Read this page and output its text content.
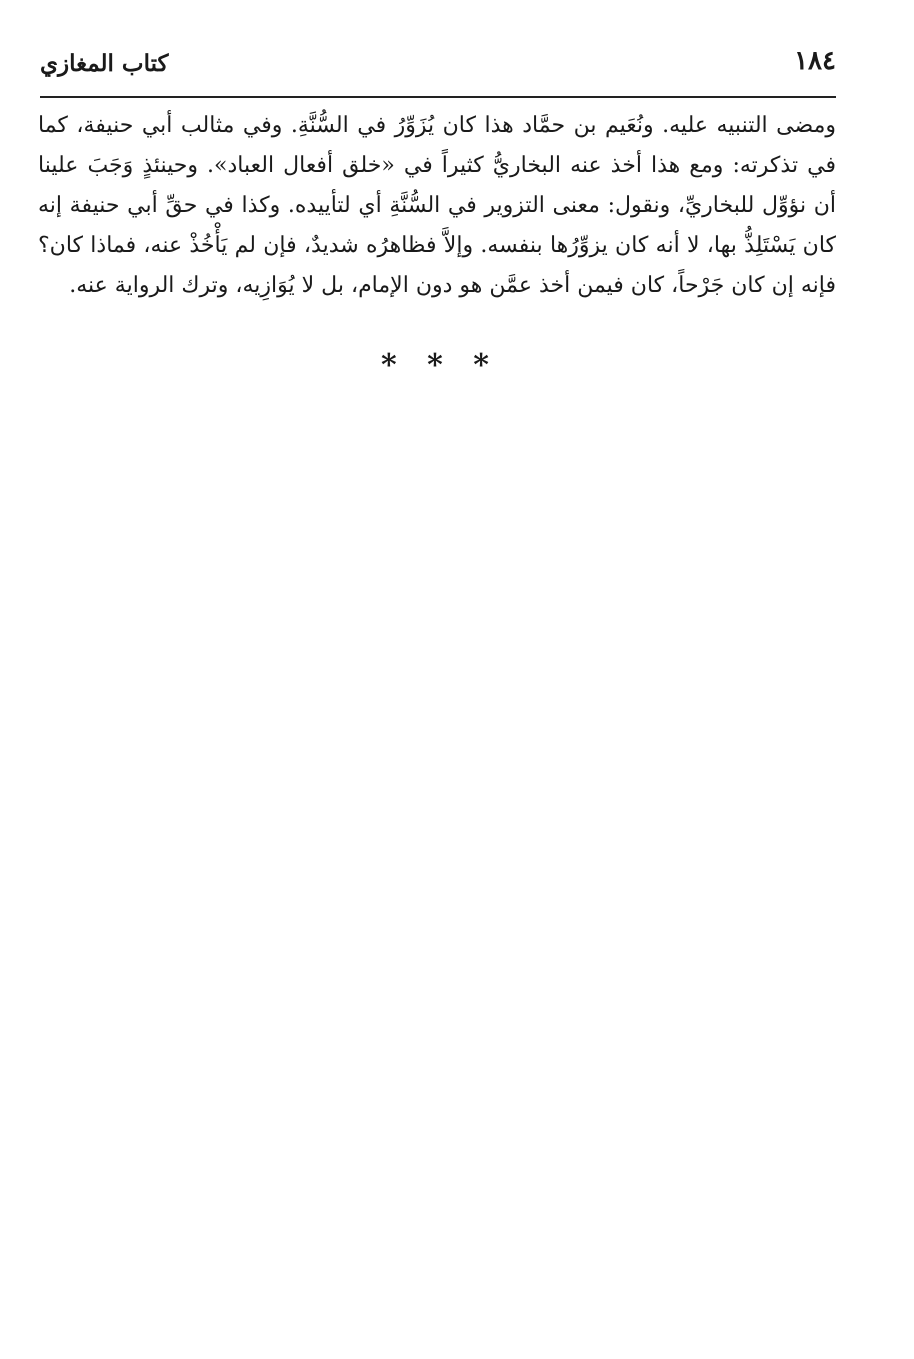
١٨٤
كتاب المغازي

ومضى التنبيه عليه. ونُعَيم بن حمَّاد هذا كان يُزَوِّرُ في السُّنَّةِ. وفي مثالب أبي حنيفة، كما في تذكرته: ومع هذا أخذ عنه البخاريُّ كثيراً في «خلق أفعال العباد». وحينئذٍ وَجَبَ علينا أن نؤوِّل للبخاريِّ، ونقول: معنى التزوير في السُّنَّةِ أي لتأييده. وكذا في حقِّ أبي حنيفة إنه كان يَسْتَلِذُّ بها، لا أنه كان يزوِّرُها بنفسه. وإلاَّ فظاهرُه شديدٌ، فإن لم يَأْخُذْ عنه، فماذا كان؟ فإنه إن كان جَرْحاً، كان فيمن أخذ عمَّن هو دون الإمام، بل لا يُوَازِيه، وترك الرواية عنه.

* * *
